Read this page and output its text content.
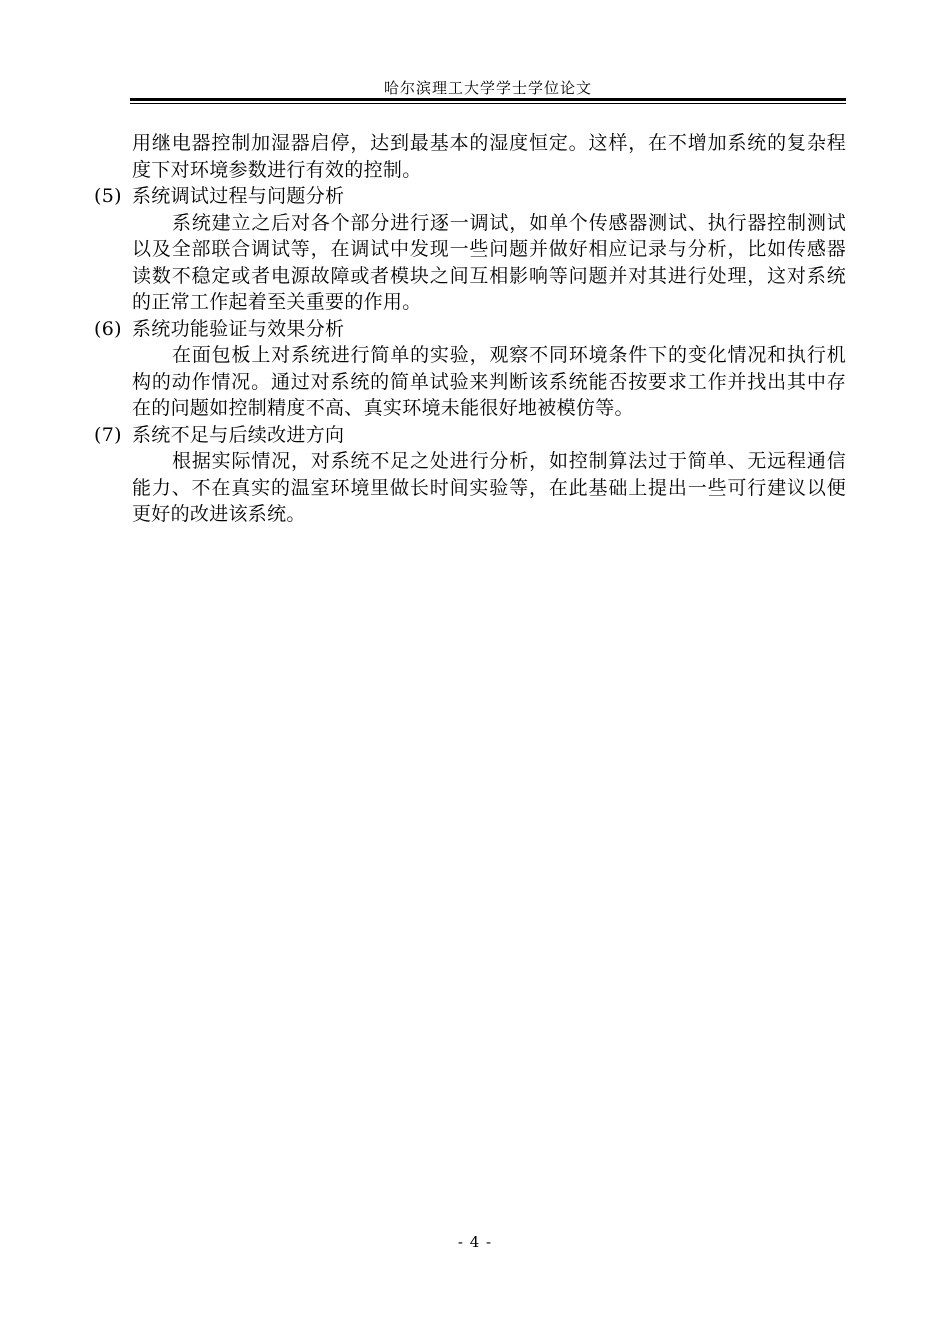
哈尔滨理工大学学士学位论文

用继电器控制加湿器启停，达到最基本的湿度恒定。这样，在不增加系统的复杂程度下对环境参数进行有效的控制。

(5) 系统调试过程与问题分析

系统建立之后对各个部分进行逐一调试，如单个传感器测试、执行器控制测试以及全部联合调试等，在调试中发现一些问题并做好相应记录与分析，比如传感器读数不稳定或者电源故障或者模块之间互相影响等问题并对其进行处理，这对系统的正常工作起着至关重要的作用。

(6) 系统功能验证与效果分析

在面包板上对系统进行简单的实验，观察不同环境条件下的变化情况和执行机构的动作情况。通过对系统的简单试验来判断该系统能否按要求工作并找出其中存在的问题如控制精度不高、真实环境未能很好地被模仿等。

(7) 系统不足与后续改进方向

根据实际情况，对系统不足之处进行分析，如控制算法过于简单、无远程通信能力、不在真实的温室环境里做长时间实验等，在此基础上提出一些可行建议以便更好的改进该系统。

- 4 -
